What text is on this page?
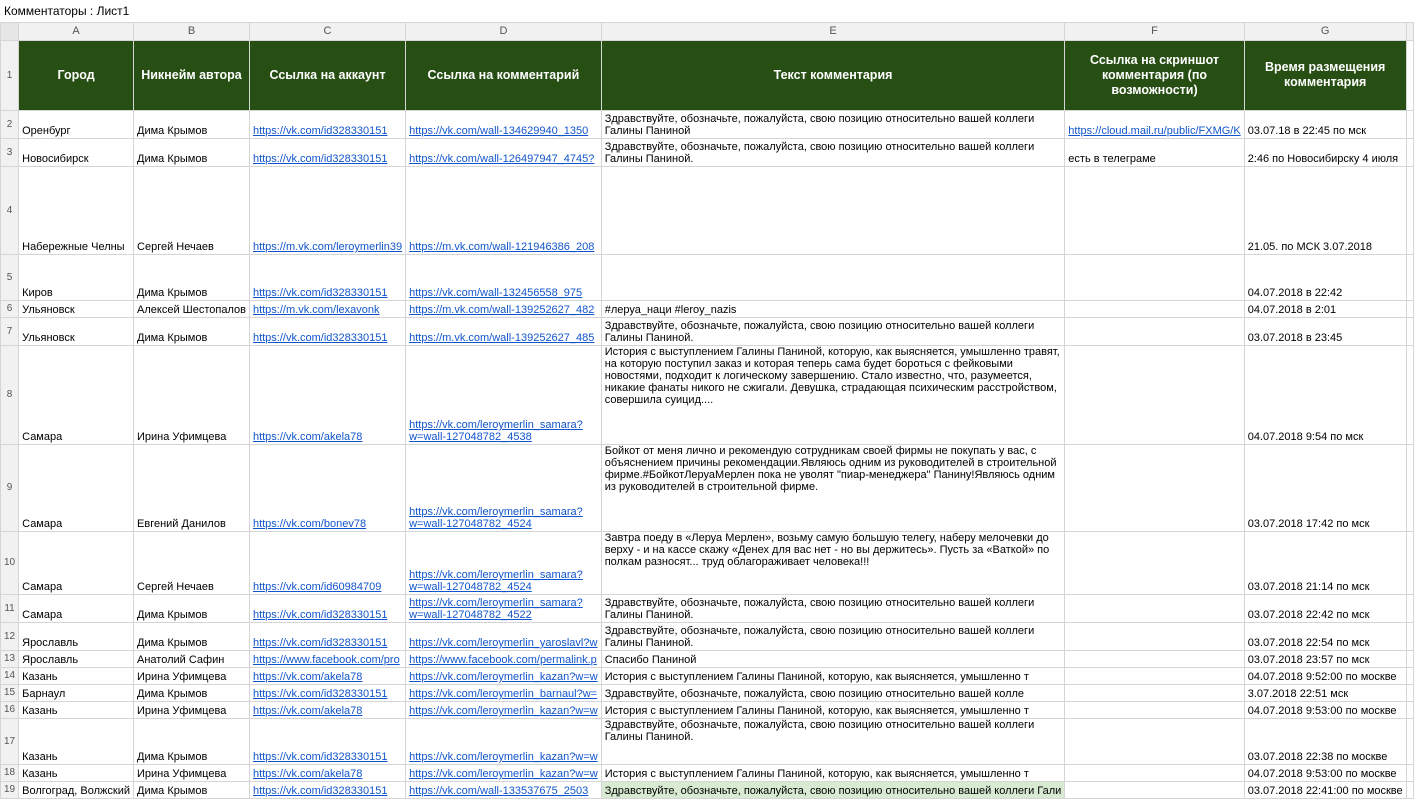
Комментаторы : Лист1
	A	B	C	D	E	F	G	
1	Город	Никнейм автора	Ссылка на аккаунт	Ссылка на комментарий	Текст комментария	Ссылка на скриншот комментария (по возможности)	Время размещения комментария	
2	Оренбург	Дима Крымов	https://vk.com/id328330151	https://vk.com/wall-134629940_1350	Здравствуйте, обозначьте, пожалуйста, свою позицию относительно вашей коллеги Галины Паниной	https://cloud.mail.ru/public/FXMG/K	03.07.18 в 22:45 по мск	
3	Новосибирск	Дима Крымов	https://vk.com/id328330151	https://vk.com/wall-126497947_4745?	Здравствуйте, обозначьте, пожалуйста, свою позицию относительно вашей коллеги Галины Паниной.	есть в телеграме	2:46 по Новосибирску 4 июля	
4	Набережные Челны	Сергей Нечаев	https://m.vk.com/leroymerlin39	https://m.vk.com/wall-121946386_208			21.05. по МСК 3.07.2018	
5	Киров	Дима Крымов	https://vk.com/id328330151	https://vk.com/wall-132456558_975			04.07.2018 в 22:42	
6	Ульяновск	Алексей Шестопалов	https://m.vk.com/lexavonk	https://m.vk.com/wall-139252627_482	#леруа_наци #leroy_nazis		04.07.2018 в 2:01	
7	Ульяновск	Дима Крымов	https://vk.com/id328330151	https://m.vk.com/wall-139252627_485	Здравствуйте, обозначьте, пожалуйста, свою позицию относительно вашей коллеги Галины Паниной.		03.07.2018 в 23:45	
8	Самара	Ирина Уфимцева	https://vk.com/akela78	https://vk.com/leroymerlin_samara?w=wall-127048782_4538	История с выступлением Галины Паниной, которую, как выясняется, умышленно травят, на которую поступил заказ и которая теперь сама будет бороться с фейковыми новостями, подходит к логическому завершению. Стало известно, что, разумеется, никакие фанаты никого не сжигали. Девушка, страдающая психическим расстройством, совершила суицид....		04.07.2018 9:54 по мск	
9	Самара	Евгений Данилов	https://vk.com/bonev78	https://vk.com/leroymerlin_samara?w=wall-127048782_4524	Бойкот от меня лично и рекомендую сотрудникам своей фирмы не покупать у вас, с объяснением причины рекомендации.Являюсь одним из руководителей в строительной фирме.#БойкотЛеруаМерлен пока не уволят "пиар-менеджера" Панину!Являюсь одним из руководителей в строительной фирме.		03.07.2018 17:42 по мск	
10	Самара	Сергей Нечаев	https://vk.com/id60984709	https://vk.com/leroymerlin_samara?w=wall-127048782_4524	Завтра поеду в «Леруа Мерлен», возьму самую большую телегу, наберу мелочевки до верху - и на кассе скажу «Денех для вас нет - но вы держитесь». Пусть за «Ваткой» по полкам разносят... труд облагораживает человека!!!		03.07.2018 21:14 по мск	
11	Самара	Дима Крымов	https://vk.com/id328330151	https://vk.com/leroymerlin_samara?w=wall-127048782_4522	Здравствуйте, обозначьте, пожалуйста, свою позицию относительно вашей коллеги Галины Паниной.		03.07.2018 22:42 по мск	
12	Ярославль	Дима Крымов	https://vk.com/id328330151	https://vk.com/leroymerlin_yaroslavl?w	Здравствуйте, обозначьте, пожалуйста, свою позицию относительно вашей коллеги Галины Паниной.		03.07.2018 22:54 по мск	
13	Ярославль	Анатолий Сафин	https://www.facebook.com/pro	https://www.facebook.com/permalink.p	Спасибо Паниной		03.07.2018 23:57 по мск	
14	Казань	Ирина Уфимцева	https://vk.com/akela78	https://vk.com/leroymerlin_kazan?w=w	История с выступлением Галины Паниной, которую, как выясняется, умышленно т		04.07.2018 9:52:00 по москве	
15	Барнаул	Дима Крымов	https://vk.com/id328330151	https://vk.com/leroymerlin_barnaul?w=	Здравствуйте, обозначьте, пожалуйста, свою позицию относительно вашей колле		3.07.2018 22:51 мск	
16	Казань	Ирина Уфимцева	https://vk.com/akela78	https://vk.com/leroymerlin_kazan?w=w	История с выступлением Галины Паниной, которую, как выясняется, умышленно т		04.07.2018 9:53:00 по москве	
17	Казань	Дима Крымов	https://vk.com/id328330151	https://vk.com/leroymerlin_kazan?w=w	Здравствуйте, обозначьте, пожалуйста, свою позицию относительно вашей коллеги Галины Паниной.		03.07.2018 22:38 по москве	
18	Казань	Ирина Уфимцева	https://vk.com/akela78	https://vk.com/leroymerlin_kazan?w=w	История с выступлением Галины Паниной, которую, как выясняется, умышленно т		04.07.2018 9:53:00 по москве	
19	Волгоград, Волжский	Дима Крымов	https://vk.com/id328330151	https://vk.com/wall-133537675_2503	Здравствуйте, обозначьте, пожалуйста, свою позицию относительно вашей коллеги Гали		03.07.2018 22:41:00 по москве	
